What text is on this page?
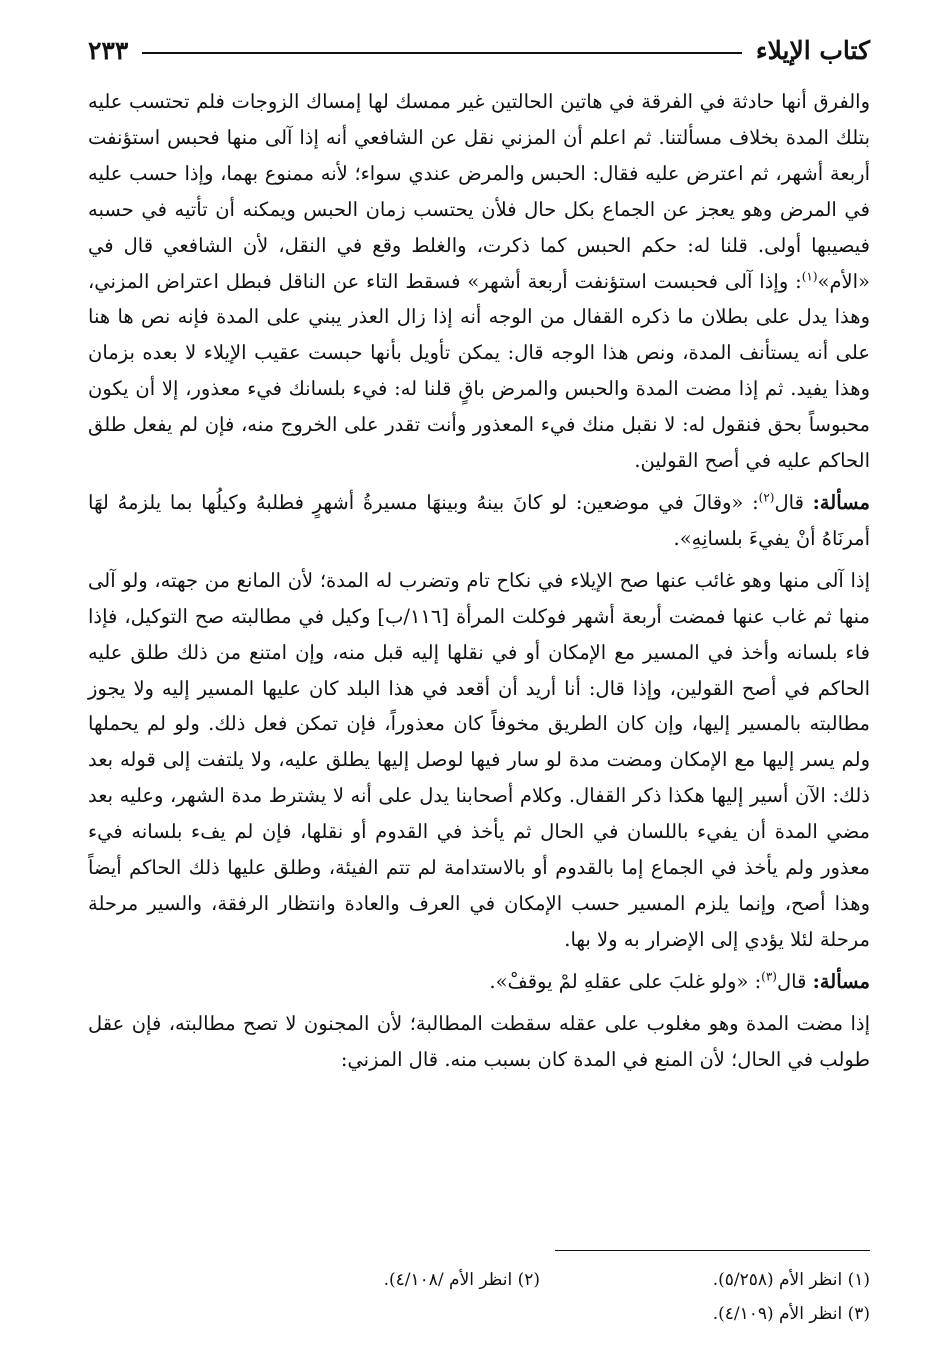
كتاب الإيلاء
٢٣٣

والفرق أنها حادثة في الفرقة في هاتين الحالتين غير ممسك لها إمساك الزوجات فلم تحتسب عليه بتلك المدة بخلاف مسألتنا. ثم اعلم أن المزني نقل عن الشافعي أنه إذا آلى منها فحبس استؤنفت أربعة أشهر، ثم اعترض عليه فقال: الحبس والمرض عندي سواء؛ لأنه ممنوع بهما، وإذا حسب عليه في المرض وهو يعجز عن الجماع بكل حال فلأن يحتسب زمان الحبس ويمكنه أن تأتيه في حسبه فيصيبها أولى. قلنا له: حكم الحبس كما ذكرت، والغلط وقع في النقل، لأن الشافعي قال في «الأم»$^{(١)}$: وإذا آلى فحبست استؤنفت أربعة أشهر» فسقط التاء عن الناقل فبطل اعتراض المزني، وهذا يدل على بطلان ما ذكره القفال من الوجه أنه إذا زال العذر يبني على المدة فإنه نص ها هنا على أنه يستأنف المدة، ونص هذا الوجه قال: يمكن تأويل بأنها حبست عقيب الإيلاء لا بعده بزمان وهذا يفيد. ثم إذا مضت المدة والحبس والمرض باقٍ قلنا له: فيء بلسانك فيء معذور، إلا أن يكون محبوساً بحق فنقول له: لا نقبل منك فيء المعذور وأنت تقدر على الخروج منه، فإن لم يفعل طلق الحاكم عليه في أصح القولين.

مسألة: قال$^{(٢)}$: «وقالَ في موضعين: لو كانَ بينهُ وبينهَا مسيرةُ أشهرٍ فطلبهُ وكيلُها بما يلزمهُ لهَا أمرنَاهُ أنْ يفيءَ بلسانِهِ».

إذا آلى منها وهو غائب عنها صح الإيلاء في نكاح تام وتضرب له المدة؛ لأن المانع من جهته، ولو آلى منها ثم غاب عنها فمضت أربعة أشهر فوكلت المرأة [١١٦/ب] وكيل في مطالبته صح التوكيل، فإذا فاء بلسانه وأخذ في المسير مع الإمكان أو في نقلها إليه قبل منه، وإن امتنع من ذلك طلق عليه الحاكم في أصح القولين، وإذا قال: أنا أريد أن أقعد في هذا البلد كان عليها المسير إليه ولا يجوز مطالبته بالمسير إليها، وإن كان الطريق مخوفاً كان معذوراً، فإن تمكن فعل ذلك. ولو لم يحملها ولم يسر إليها مع الإمكان ومضت مدة لو سار فيها لوصل إليها يطلق عليه، ولا يلتفت إلى قوله بعد ذلك: الآن أسير إليها هكذا ذكر القفال. وكلام أصحابنا يدل على أنه لا يشترط مدة الشهر، وعليه بعد مضي المدة أن يفيء باللسان في الحال ثم يأخذ في القدوم أو نقلها، فإن لم يفء بلسانه فيء معذور ولم يأخذ في الجماع إما بالقدوم أو بالاستدامة لم تتم الفيئة، وطلق عليها ذلك الحاكم أيضاً وهذا أصح، وإنما يلزم المسير حسب الإمكان في العرف والعادة وانتظار الرفقة، والسير مرحلة مرحلة لئلا يؤدي إلى الإضرار به ولا بها.

مسألة: قال$^{(٣)}$: «ولو غلبَ على عقلهِ لمْ يوقفْ».

إذا مضت المدة وهو مغلوب على عقله سقطت المطالبة؛ لأن المجنون لا تصح مطالبته، فإن عقل طولب في الحال؛ لأن المنع في المدة كان بسبب منه. قال المزني:

(١) انظر الأم (٥/٢٥٨).
(٢) انظر الأم /٤/١٠٨).
(٣) انظر الأم (٤/١٠٩).
